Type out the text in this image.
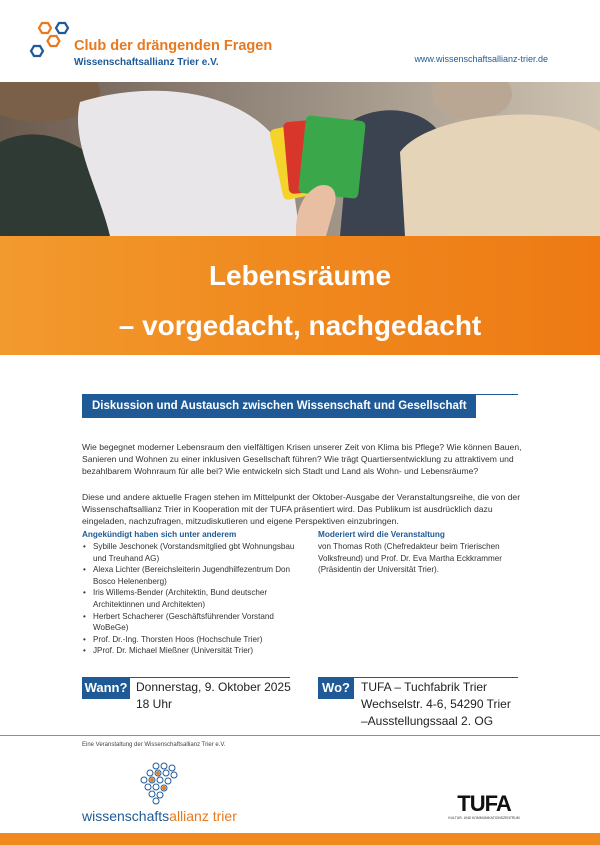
Club der drängenden Fragen
Wissenschaftsallianz Trier e.V.	www.wissenschaftsallianz-trier.de
Lebensräume
– vorgedacht, nachgedacht
Diskussion und Austausch zwischen Wissenschaft und Gesellschaft
Wie begegnet moderner Lebensraum den vielfältigen Krisen unserer Zeit von Klima bis Pflege? Wie können Bauen, Sanieren und Wohnen zu einer inklusiven Gesellschaft führen? Wie trägt Quartiersentwicklung zu attraktivem und bezahlbarem Wohnraum für alle bei? Wie entwickeln sich Stadt und Land als Wohn- und Lebensräume?
Diese und andere aktuelle Fragen stehen im Mittelpunkt der Oktober-Ausgabe der Veranstaltungsreihe, die von der Wissenschaftsallianz Trier in Kooperation mit der TUFA präsentiert wird. Das Publikum ist ausdrücklich dazu eingeladen, nachzufragen, mitzudiskutieren und eigene Perspektiven einzubringen.
Angekündigt haben sich unter anderem
• Sybille Jeschonek (Vorstandsmitglied gbt Wohnungsbau und Treuhand AG)
• Alexa Lichter (Bereichsleiterin Jugendhilfezentrum Don Bosco Helenenberg)
• Iris Willems-Bender (Architektin, Bund deutscher Architektinnen und Architekten)
• Herbert Schacherer (Geschäftsführender Vorstand WoBeGe)
• Prof. Dr.-Ing. Thorsten Hoos (Hochschule Trier)
• JProf. Dr. Michael Mießner (Universität Trier)
Moderiert wird die Veranstaltung
von Thomas Roth (Chefredakteur beim Trierischen Volksfreund) und Prof. Dr. Eva Martha Eckkrammer (Präsidentin der Universität Trier).
Wann? Donnerstag, 9. Oktober 2025
18 Uhr
Wo? TUFA – Tuchfabrik Trier
Wechselstr. 4-6, 54290 Trier
–Ausstellungssaal 2. OG
Eine Veranstaltung der Wissenschaftsallianz Trier e.V.
wissenschaftsallianz trier	TUFA
KULTUR- UND KOMMUNIKATIONSZENTRUM
